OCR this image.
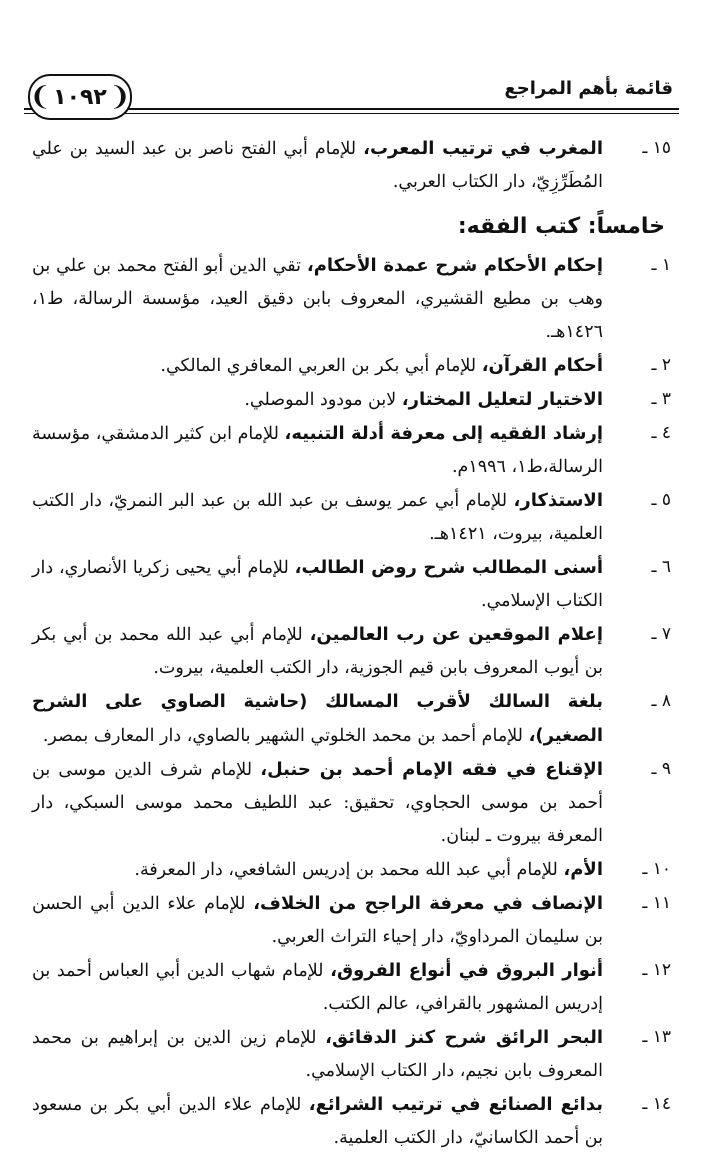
قائمة بأهم المراجع
❨ ١٠٩٢ ❩
١٥ ـ
المغرب في ترتيب المعرب، للإمام أبي الفتح ناصر بن عبد السيد بن علي المُطَرِّزِيّ، دار الكتاب العربي.
خامساً: كتب الفقه:
١ ـ
إحكام الأحكام شرح عمدة الأحكام، تقي الدين أبو الفتح محمد بن علي بن وهب بن مطيع القشيري، المعروف بابن دقيق العيد، مؤسسة الرسالة، ط١، ١٤٢٦هـ.
٢ ـ
أحكام القرآن، للإمام أبي بكر بن العربي المعافري المالكي.
٣ ـ
الاختيار لتعليل المختار، لابن مودود الموصلي.
٤ ـ
إرشاد الفقيه إلى معرفة أدلة التنبيه، للإمام ابن كثير الدمشقي، مؤسسة الرسالة،ط١، ١٩٩٦م.
٥ ـ
الاستذكار، للإمام أبي عمر يوسف بن عبد الله بن عبد البر النمريّ، دار الكتب العلمية، بيروت، ١٤٢١هـ.
٦ ـ
أسنى المطالب شرح روض الطالب، للإمام أبي يحيى زكريا الأنصاري، دار الكتاب الإسلامي.
٧ ـ
إعلام الموقعين عن رب العالمين، للإمام أبي عبد الله محمد بن أبي بكر بن أيوب المعروف بابن قيم الجوزية، دار الكتب العلمية، بيروت.
٨ ـ
بلغة السالك لأقرب المسالك (حاشية الصاوي على الشرح الصغير)، للإمام أحمد بن محمد الخلوتي الشهير بالصاوي، دار المعارف بمصر.
٩ ـ
الإقناع في فقه الإمام أحمد بن حنبل، للإمام شرف الدين موسى بن أحمد بن موسى الحجاوي، تحقيق: عبد اللطيف محمد موسى السبكي، دار المعرفة بيروت ـ لبنان.
١٠ ـ
الأم، للإمام أبي عبد الله محمد بن إدريس الشافعي، دار المعرفة.
١١ ـ
الإنصاف في معرفة الراجح من الخلاف، للإمام علاء الدين أبي الحسن بن سليمان المرداويّ، دار إحياء التراث العربي.
١٢ ـ
أنوار البروق في أنواع الفروق، للإمام شهاب الدين أبي العباس أحمد بن إدريس المشهور بالقرافي، عالم الكتب.
١٣ ـ
البحر الرائق شرح كنز الدقائق، للإمام زين الدين بن إبراهيم بن محمد المعروف بابن نجيم، دار الكتاب الإسلامي.
١٤ ـ
بدائع الصنائع في ترتيب الشرائع، للإمام علاء الدين أبي بكر بن مسعود بن أحمد الكاسانيّ، دار الكتب العلمية.
